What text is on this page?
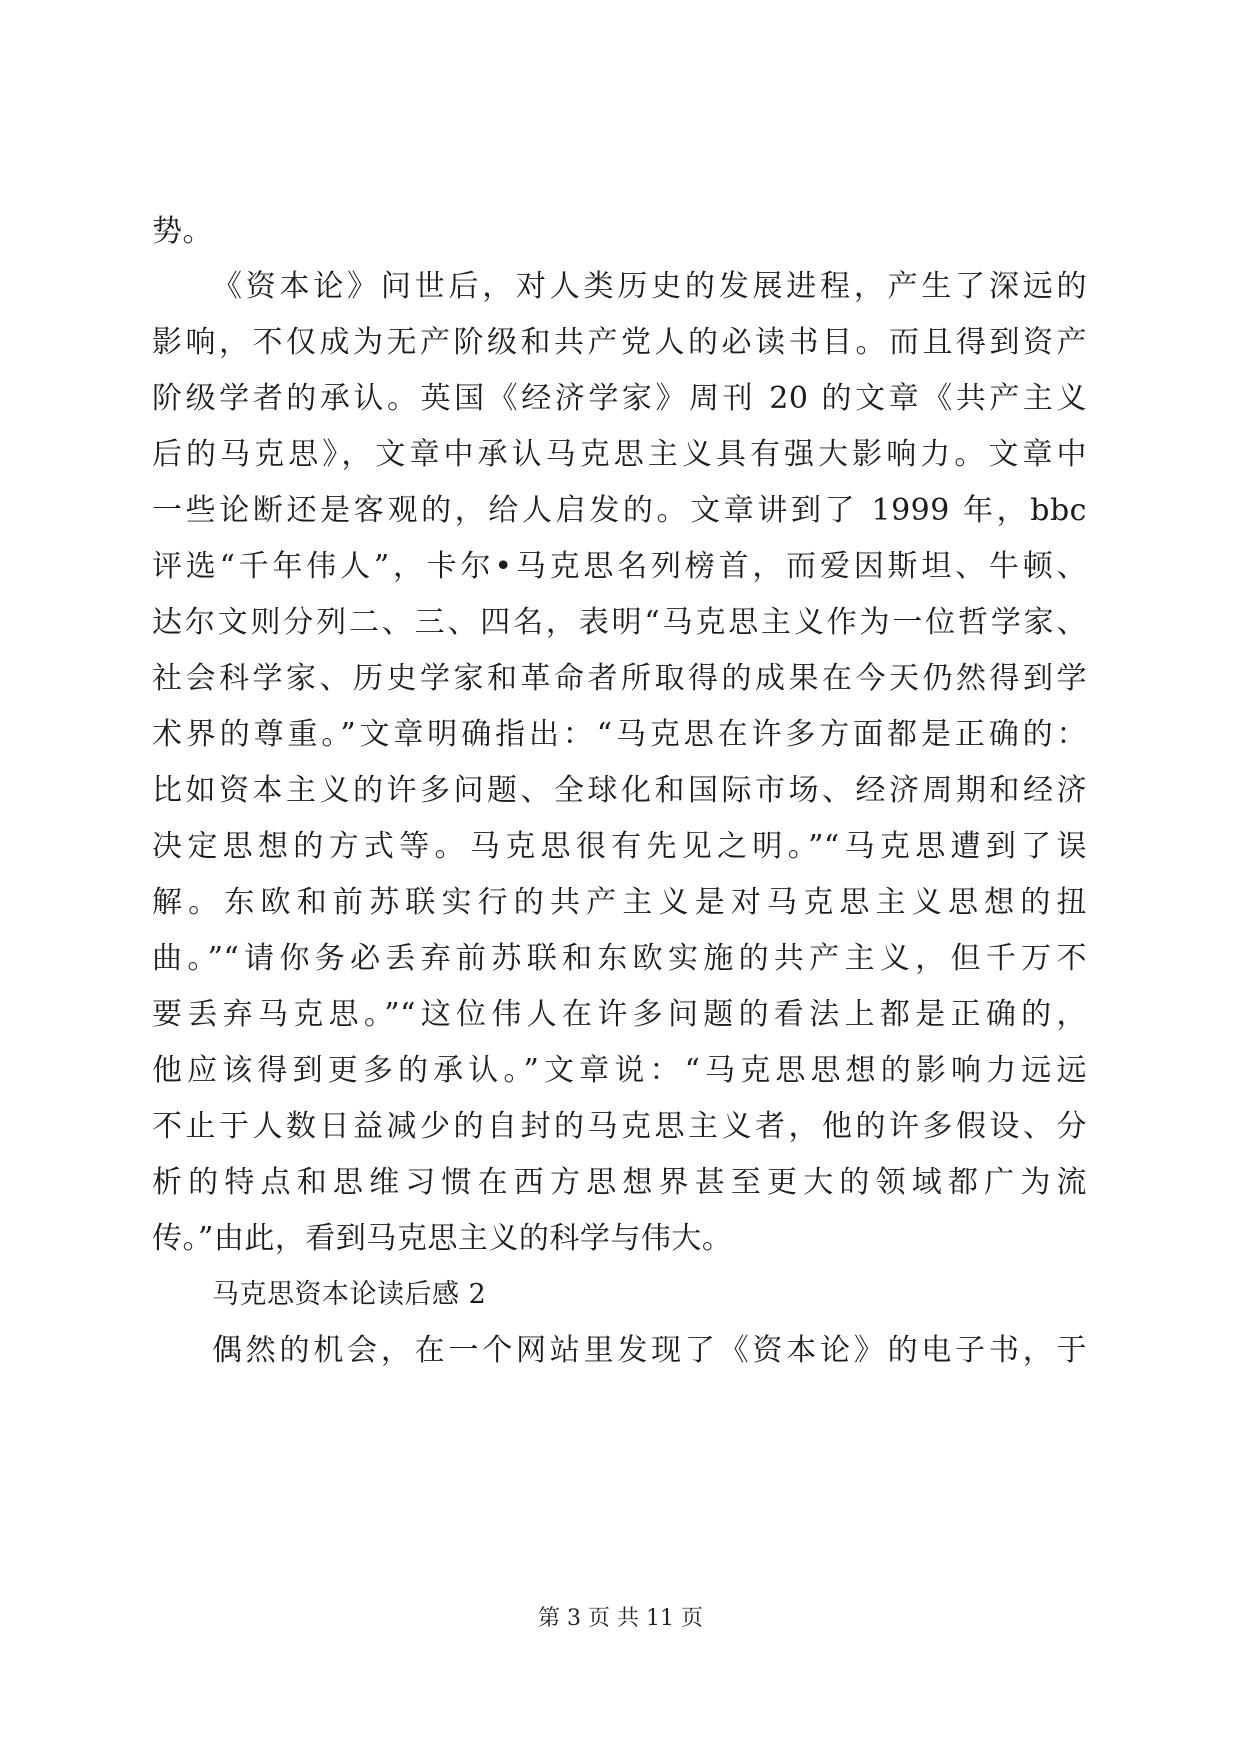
势。
《资本论》问世后，对人类历史的发展进程，产生了深远的
影响，不仅成为无产阶级和共产党人的必读书目。而且得到资产
阶级学者的承认。英国《经济学家》周刊 20 的文章《共产主义
后的马克思》，文章中承认马克思主义具有强大影响力。文章中
一些论断还是客观的，给人启发的。文章讲到了 1999 年，bbc
评选“千年伟人”，卡尔•马克思名列榜首，而爱因斯坦、牛顿、
达尔文则分列二、三、四名，表明“马克思主义作为一位哲学家、
社会科学家、历史学家和革命者所取得的成果在今天仍然得到学
术界的尊重。”文章明确指出：“马克思在许多方面都是正确的：
比如资本主义的许多问题、全球化和国际市场、经济周期和经济
决定思想的方式等。马克思很有先见之明。”“马克思遭到了误
解。东欧和前苏联实行的共产主义是对马克思主义思想的扭
曲。”“请你务必丢弃前苏联和东欧实施的共产主义，但千万不
要丢弃马克思。”“这位伟人在许多问题的看法上都是正确的，
他应该得到更多的承认。”文章说：“马克思思想的影响力远远
不止于人数日益减少的自封的马克思主义者，他的许多假设、分
析的特点和思维习惯在西方思想界甚至更大的领域都广为流
传。”由此，看到马克思主义的科学与伟大。
马克思资本论读后感 2
偶然的机会，在一个网站里发现了《资本论》的电子书，于
第 3 页 共 11 页
